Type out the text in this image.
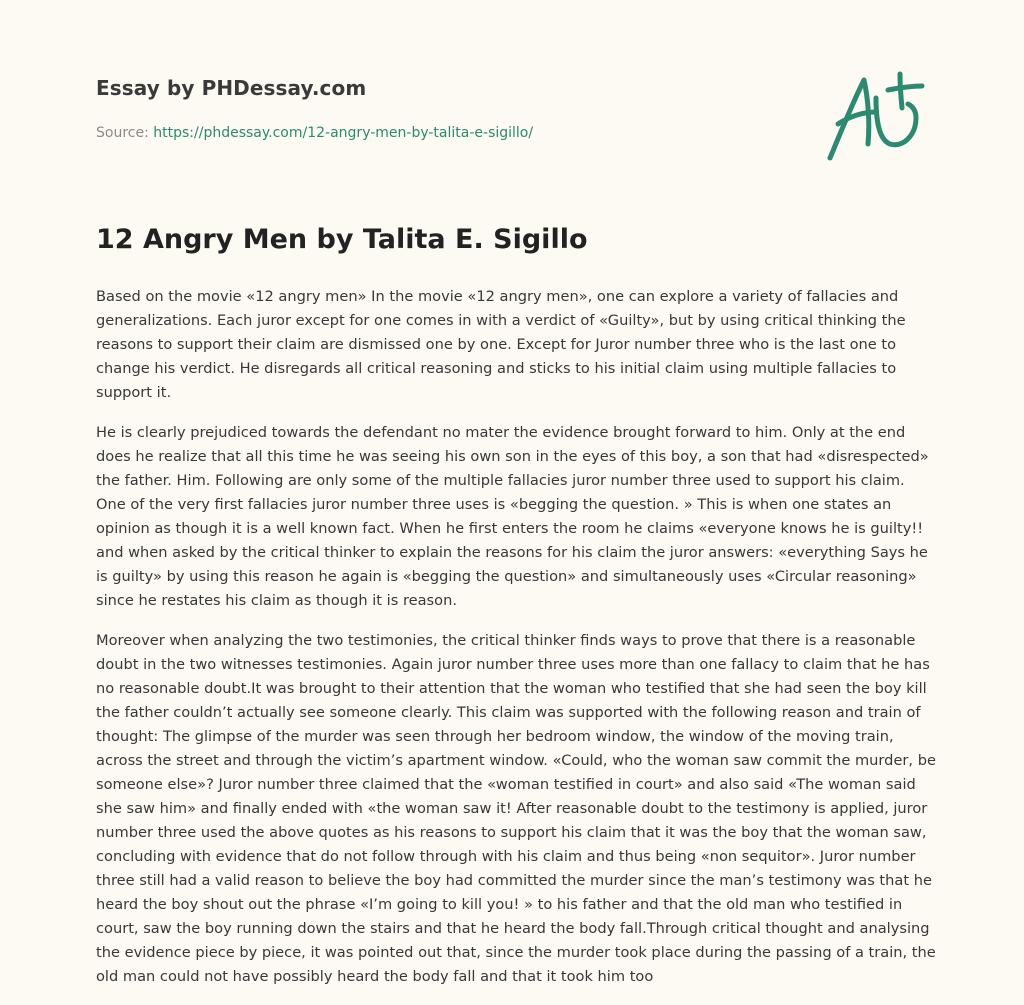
Essay by PHDessay.com
Source: https://phdessay.com/12-angry-men-by-talita-e-sigillo/
12 Angry Men by Talita E. Sigillo

Based on the movie «12 angry men» In the movie «12 angry men», one can explore a variety of fallacies and generalizations. Each juror except for one comes in with a verdict of «Guilty», but by using critical thinking the reasons to support their claim are dismissed one by one. Except for Juror number three who is the last one to change his verdict. He disregards all critical reasoning and sticks to his initial claim using multiple fallacies to support it.

He is clearly prejudiced towards the defendant no mater the evidence brought forward to him. Only at the end does he realize that all this time he was seeing his own son in the eyes of this boy, a son that had «disrespected» the father. Him. Following are only some of the multiple fallacies juror number three used to support his claim. One of the very first fallacies juror number three uses is «begging the question. » This is when one states an opinion as though it is a well known fact. When he first enters the room he claims «everyone knows he is guilty!! and when asked by the critical thinker to explain the reasons for his claim the juror answers: «everything Says he is guilty» by using this reason he again is «begging the question» and simultaneously uses «Circular reasoning» since he restates his claim as though it is reason.

Moreover when analyzing the two testimonies, the critical thinker finds ways to prove that there is a reasonable doubt in the two witnesses testimonies. Again juror number three uses more than one fallacy to claim that he has no reasonable doubt.It was brought to their attention that the woman who testified that she had seen the boy kill the father couldn’t actually see someone clearly. This claim was supported with the following reason and train of thought: The glimpse of the murder was seen through her bedroom window, the window of the moving train, across the street and through the victim’s apartment window. «Could, who the woman saw commit the murder, be someone else»? Juror number three claimed that the «woman testified in court» and also said «The woman said she saw him» and finally ended with «the woman saw it! After reasonable doubt to the testimony is applied, juror number three used the above quotes as his reasons to support his claim that it was the boy that the woman saw, concluding with evidence that do not follow through with his claim and thus being «non sequitor». Juror number three still had a valid reason to believe the boy had committed the murder since the man’s testimony was that he heard the boy shout out the phrase «I’m going to kill you! » to his father and that the old man who testified in court, saw the boy running down the stairs and that he heard the body fall.Through critical thought and analysing the evidence piece by piece, it was pointed out that, since the murder took place during the passing of a train, the old man could not have possibly heard the body fall and that it took him too
